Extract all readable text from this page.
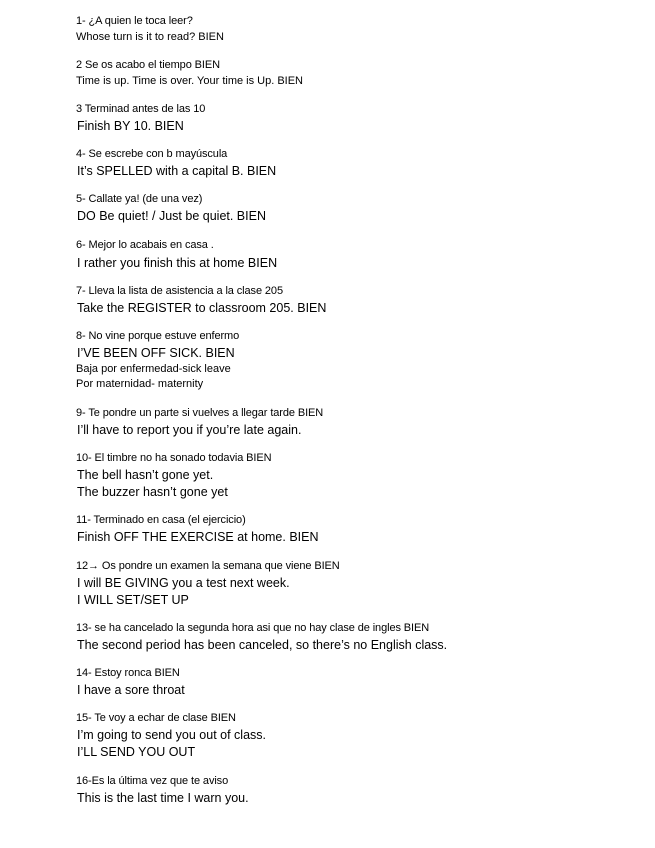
1- ¿A quien le toca leer?
Whose turn is it to read? BIEN
2 Se os acabo el tiempo BIEN
Time is up. Time is over. Your time is Up. BIEN
3 Terminad antes de las 10
Finish BY 10. BIEN
4- Se escrebe con b mayúscula
It’s SPELLED with a capital B. BIEN
5- Callate ya! (de una vez)
DO Be quiet! / Just be quiet. BIEN
6- Mejor lo acabais en casa .
I rather you finish this at home BIEN
7- Lleva la lista de asistencia a la clase 205
Take the REGISTER to classroom 205. BIEN
8- No vine porque estuve enfermo
I’VE BEEN OFF SICK. BIEN
Baja por enfermedad-sick leave
Por maternidad- maternity
9- Te pondre un parte si vuelves a llegar tarde BIEN
I’ll have to report you if you’re late again.
10- El timbre no ha sonado todavia BIEN
The bell hasn’t gone yet.
The buzzer hasn’t gone yet
11- Terminado en casa (el ejercicio)
Finish OFF THE EXERCISE at home. BIEN
12→ Os pondre un examen la semana que viene BIEN
I will BE GIVING you a test next week.
I WILL SET/SET UP
13- se ha cancelado la segunda hora asi que no hay clase de ingles BIEN
The second period has been canceled, so there’s no English class.
14- Estoy ronca BIEN
I have a sore throat
15- Te voy a echar de clase BIEN
I’m going to send you out of class.
I’LL SEND YOU OUT
16-Es la última vez que te aviso
This is the last time I warn you.
